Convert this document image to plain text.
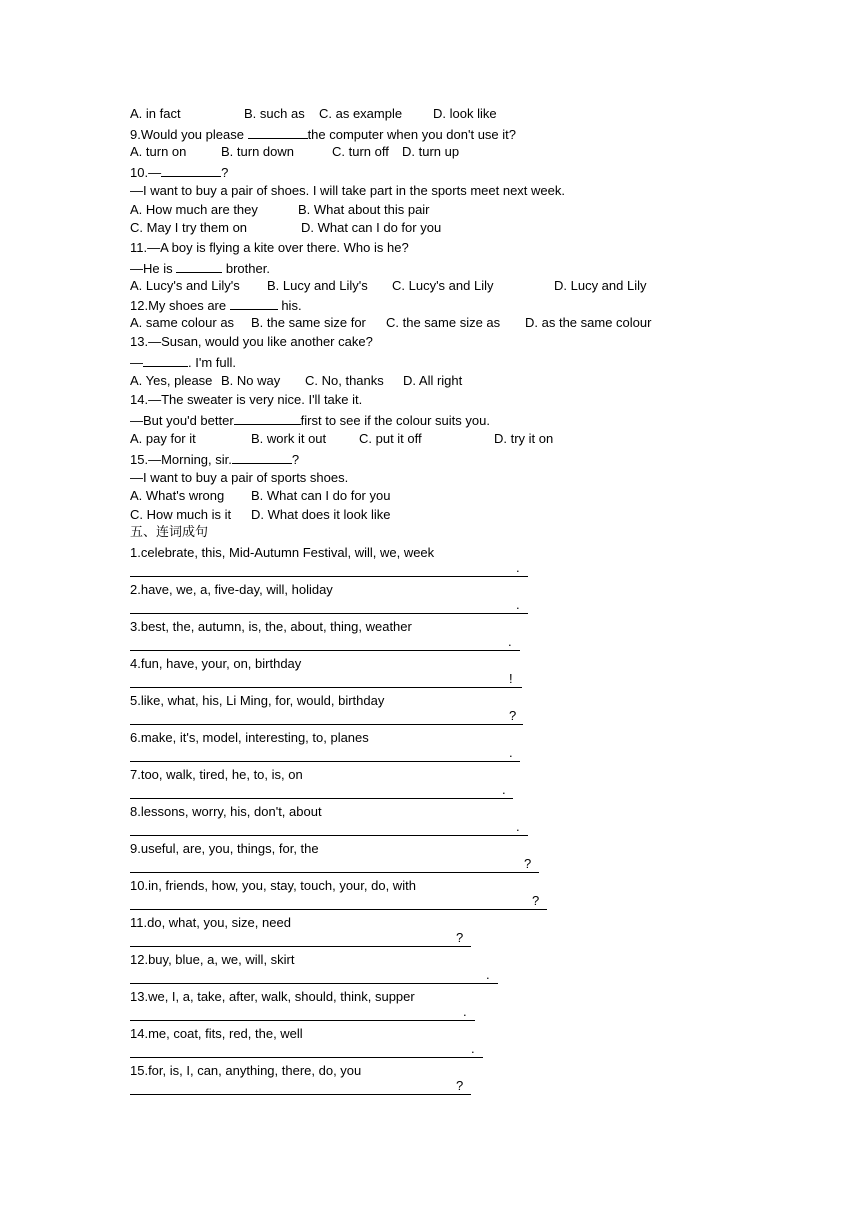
A. in fact

	B. such as

C. as example

D. look like

9.Would you please	the computer when you don't use it?

A. turn on

	B. turn down

	C. turn off

D. turn up

10.—	?
—I want to buy a pair of shoes. I will take part in the sports meet next week.

A. How much are they

	B. What about this pair

C. May I try them on

	D. What can I do for you

11.—A boy is flying a kite over there. Who is he?
—He is	brother.

A. Lucy's and Lily's

B. Lucy and Lily's

C. Lucy's and Lily

	D. Lucy and Lily

12.My shoes are	his.

A. same colour as

B. the same size for

C. the same size as

D. as the same colour

13.—Susan, would you like another cake?
—	. I'm full.

A. Yes, please

B. No way

C. No, thanks

D. All right

14.—The sweater is very nice. I'll take it.
—But you'd better	first to see if the colour suits you.

A. pay for it

	B. work it out

	C. put it off

	D. try it on

15.—Morning, sir.	?
—I want to buy a pair of sports shoes.

A. What's wrong

B. What can I do for you

C. How much is it

D. What does it look like

五、连词成句
1.celebrate, this, Mid-Autumn Festival, will, we, week
.
2.have, we, a, five-day, will, holiday
.
3.best, the, autumn, is, the, about, thing, weather
.
4.fun, have, your, on, birthday
!
5.like, what, his, Li Ming, for, would, birthday
?
6.make, it's, model, interesting, to, planes
.
7.too, walk, tired, he, to, is, on
.
8.lessons, worry, his, don't, about
.
9.useful, are, you, things, for, the
?
10.in, friends, how, you, stay, touch, your, do, with
?
11.do, what, you, size, need
?
12.buy, blue, a, we, will, skirt
.
13.we, I, a, take, after, walk, should, think, supper
.
14.me, coat, fits, red, the, well
.
15.for, is, I, can, anything, there, do, you
?
